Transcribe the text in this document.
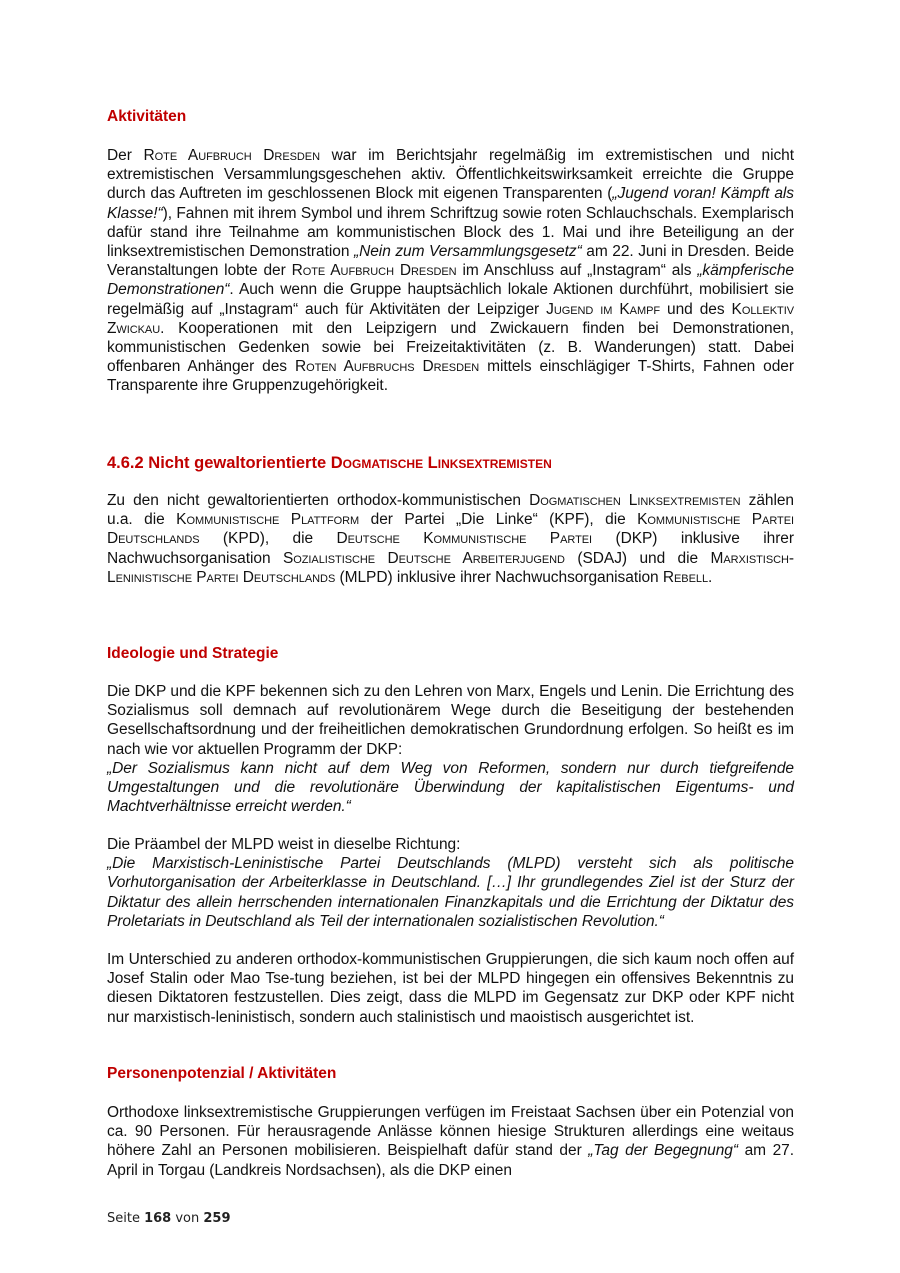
Aktivitäten

Der Rote Aufbruch Dresden war im Berichtsjahr regelmäßig im extremistischen und nicht extremistischen Versammlungsgeschehen aktiv. Öffentlichkeitswirksamkeit erreichte die Gruppe durch das Auftreten im geschlossenen Block mit eigenen Transparenten („Jugend voran! Kämpft als Klasse!“), Fahnen mit ihrem Symbol und ihrem Schriftzug sowie roten Schlauchschals. Exemplarisch dafür stand ihre Teilnahme am kommunistischen Block des 1. Mai und ihre Beteiligung an der linksextremistischen Demonstration „Nein zum Versammlungsgesetz“ am 22. Juni in Dresden. Beide Veranstaltungen lobte der Rote Aufbruch Dresden im Anschluss auf „Instagram“ als „kämpferische Demonstrationen“. Auch wenn die Gruppe hauptsächlich lokale Aktionen durchführt, mobilisiert sie regelmäßig auf „Instagram“ auch für Aktivitäten der Leipziger Jugend im Kampf und des Kollektiv Zwickau. Kooperationen mit den Leipzigern und Zwickauern finden bei Demonstrationen, kommunistischen Gedenken sowie bei Freizeitaktivitäten (z. B. Wanderungen) statt. Dabei offenbaren Anhänger des Roten Aufbruchs Dresden mittels einschlägiger T-Shirts, Fahnen oder Transparente ihre Gruppenzugehörigkeit.

4.6.2 Nicht gewaltorientierte Dogmatische Linksextremisten

Zu den nicht gewaltorientierten orthodox-kommunistischen Dogmatischen Linksextremisten zählen u.a. die Kommunistische Plattform der Partei „Die Linke“ (KPF), die Kommunistische Partei Deutschlands (KPD), die Deutsche Kommunistische Partei (DKP) inklusive ihrer Nachwuchsorganisation Sozialistische Deutsche Arbeiterjugend (SDAJ) und die Marxistisch-Leninistische Partei Deutschlands (MLPD) inklusive ihrer Nachwuchsorganisation Rebell.

Ideologie und Strategie

Die DKP und die KPF bekennen sich zu den Lehren von Marx, Engels und Lenin. Die Errichtung des Sozialismus soll demnach auf revolutionärem Wege durch die Beseitigung der bestehenden Gesellschaftsordnung und der freiheitlichen demokratischen Grundordnung erfolgen. So heißt es im nach wie vor aktuellen Programm der DKP:

„Der Sozialismus kann nicht auf dem Weg von Reformen, sondern nur durch tiefgreifende Umgestaltungen und die revolutionäre Überwindung der kapitalistischen Eigentums- und Machtverhältnisse erreicht werden.“

Die Präambel der MLPD weist in dieselbe Richtung:

„Die Marxistisch-Leninistische Partei Deutschlands (MLPD) versteht sich als politische Vorhutorganisation der Arbeiterklasse in Deutschland. […] Ihr grundlegendes Ziel ist der Sturz der Diktatur des allein herrschenden internationalen Finanzkapitals und die Errichtung der Diktatur des Proletariats in Deutschland als Teil der internationalen sozialistischen Revolution.“

Im Unterschied zu anderen orthodox-kommunistischen Gruppierungen, die sich kaum noch offen auf Josef Stalin oder Mao Tse-tung beziehen, ist bei der MLPD hingegen ein offensives Bekenntnis zu diesen Diktatoren festzustellen. Dies zeigt, dass die MLPD im Gegensatz zur DKP oder KPF nicht nur marxistisch-leninistisch, sondern auch stalinistisch und maoistisch ausgerichtet ist.

Personenpotenzial / Aktivitäten

Orthodoxe linksextremistische Gruppierungen verfügen im Freistaat Sachsen über ein Potenzial von ca. 90 Personen. Für herausragende Anlässe können hiesige Strukturen allerdings eine weitaus höhere Zahl an Personen mobilisieren. Beispielhaft dafür stand der „Tag der Begegnung“ am 27. April in Torgau (Landkreis Nordsachsen), als die DKP einen

Seite 168 von 259
